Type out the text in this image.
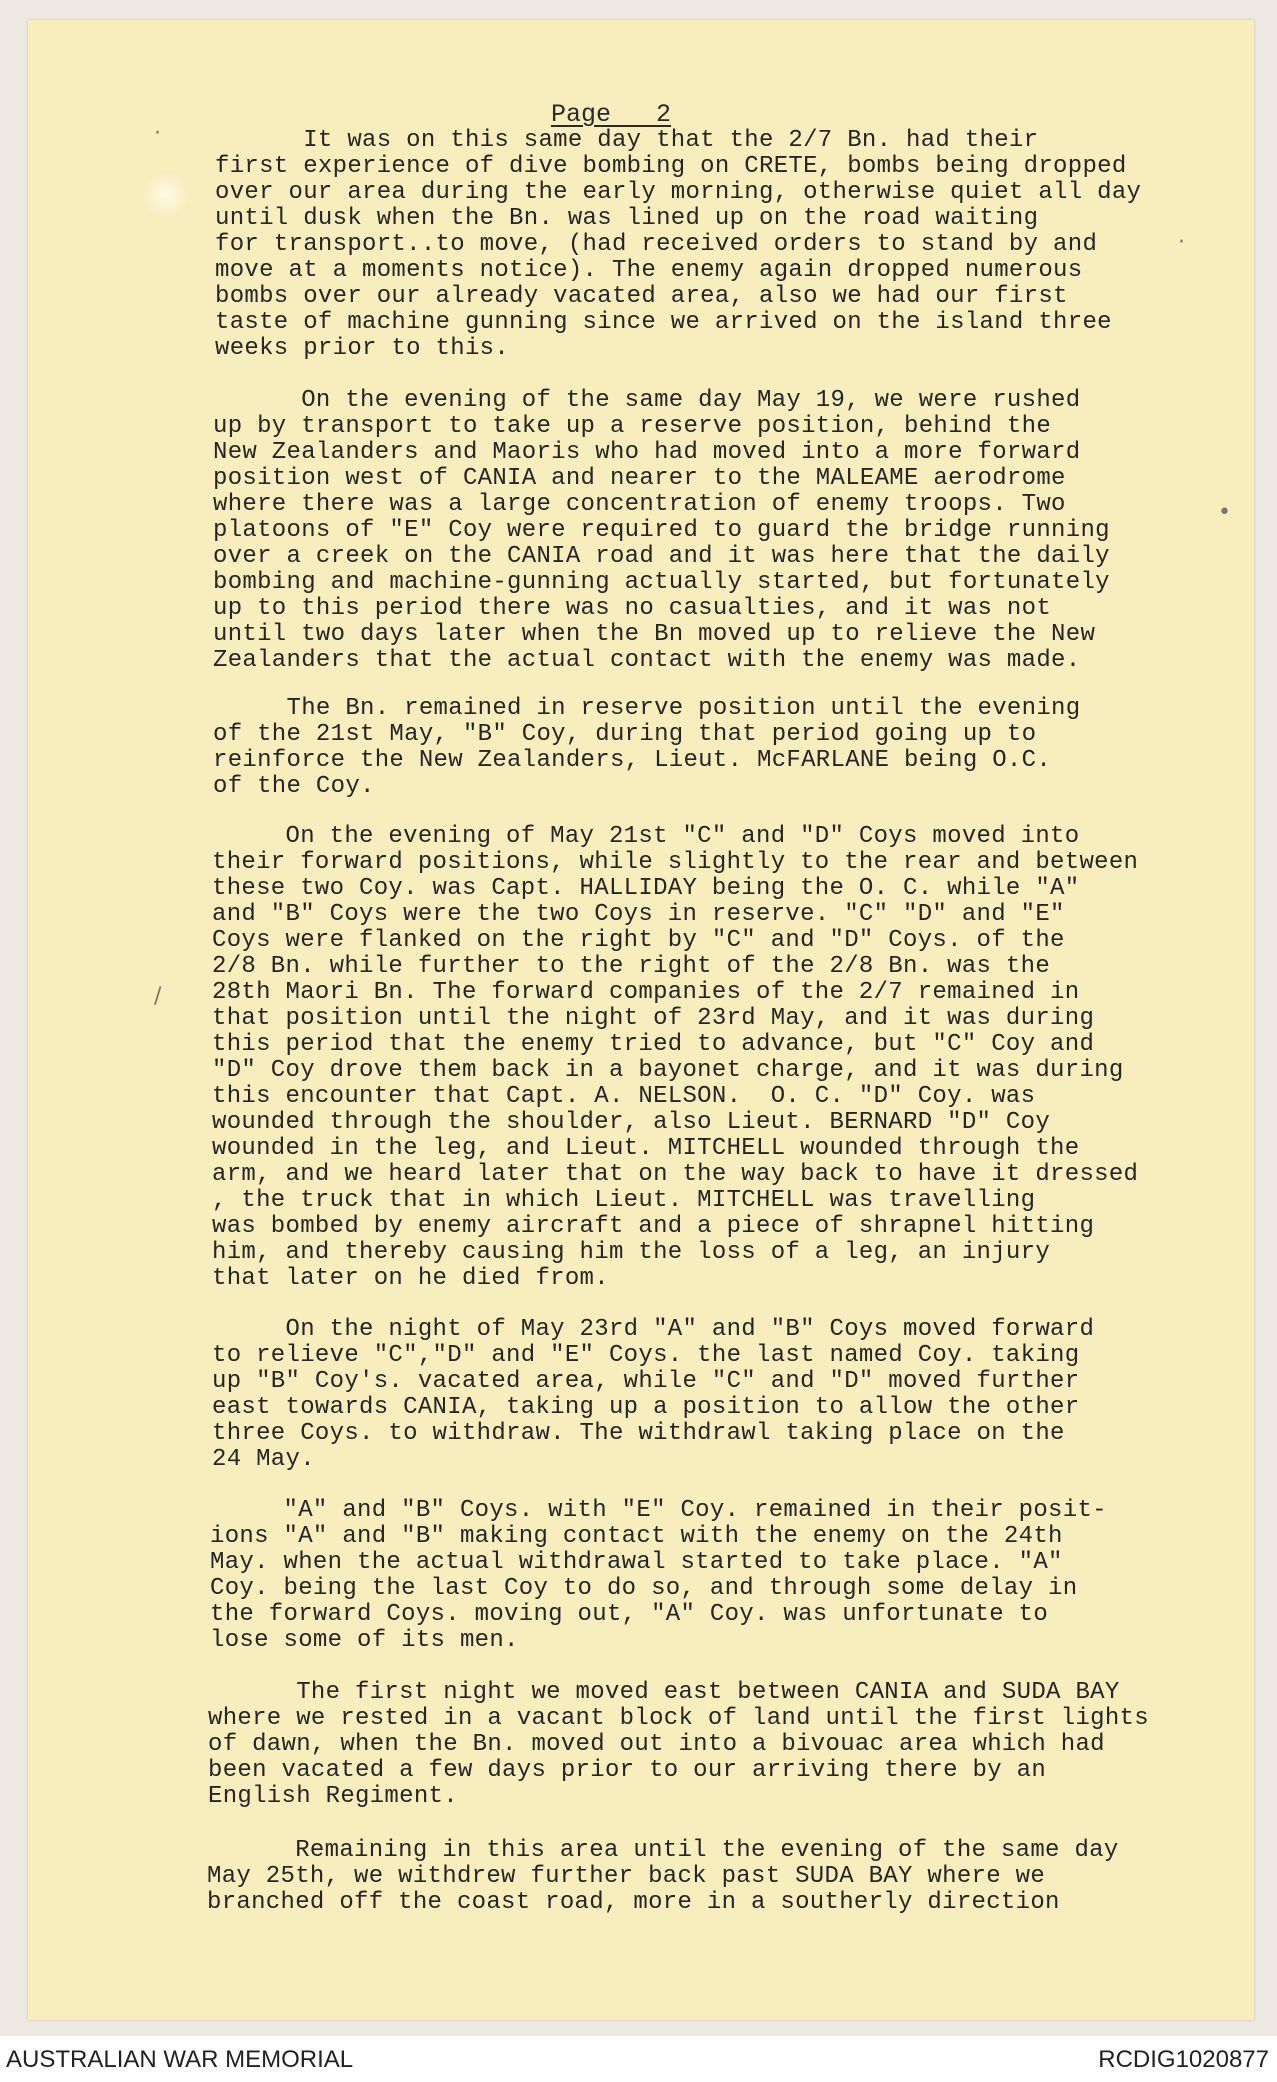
·
·
•
/
Page   2
It was on this same day that the 2/7 Bn. had their
first experience of dive bombing on CRETE, bombs being dropped
over our area during the early morning, otherwise quiet all day
until dusk when the Bn. was lined up on the road waiting
for transport..to move, (had received orders to stand by and
move at a moments notice). The enemy again dropped numerous
bombs over our already vacated area, also we had our first
taste of machine gunning since we arrived on the island three
weeks prior to this.
On the evening of the same day May 19, we were rushed
up by transport to take up a reserve position, behind the
New Zealanders and Maoris who had moved into a more forward
position west of CANIA and nearer to the MALEAME aerodrome
where there was a large concentration of enemy troops. Two
platoons of "E" Coy were required to guard the bridge running
over a creek on the CANIA road and it was here that the daily
bombing and machine-gunning actually started, but fortunately
up to this period there was no casualties, and it was not
until two days later when the Bn moved up to relieve the New
Zealanders that the actual contact with the enemy was made.
The Bn. remained in reserve position until the evening
of the 21st May, "B" Coy, during that period going up to
reinforce the New Zealanders, Lieut. McFARLANE being O.C.
of the Coy.
On the evening of May 21st "C" and "D" Coys moved into
their forward positions, while slightly to the rear and between
these two Coy. was Capt. HALLIDAY being the O. C. while "A"
and "B" Coys were the two Coys in reserve. "C" "D" and "E"
Coys were flanked on the right by "C" and "D" Coys. of the
2/8 Bn. while further to the right of the 2/8 Bn. was the
28th Maori Bn. The forward companies of the 2/7 remained in
that position until the night of 23rd May, and it was during
this period that the enemy tried to advance, but "C" Coy and
"D" Coy drove them back in a bayonet charge, and it was during
this encounter that Capt. A. NELSON.  O. C. "D" Coy. was
wounded through the shoulder, also Lieut. BERNARD "D" Coy
wounded in the leg, and Lieut. MITCHELL wounded through the
arm, and we heard later that on the way back to have it dressed
, the truck that in which Lieut. MITCHELL was travelling
was bombed by enemy aircraft and a piece of shrapnel hitting
him, and thereby causing him the loss of a leg, an injury
that later on he died from.
On the night of May 23rd "A" and "B" Coys moved forward
to relieve "C","D" and "E" Coys. the last named Coy. taking
up "B" Coy's. vacated area, while "C" and "D" moved further
east towards CANIA, taking up a position to allow the other
three Coys. to withdraw. The withdrawl taking place on the
24 May.
"A" and "B" Coys. with "E" Coy. remained in their posit-
ions "A" and "B" making contact with the enemy on the 24th
May. when the actual withdrawal started to take place. "A"
Coy. being the last Coy to do so, and through some delay in
the forward Coys. moving out, "A" Coy. was unfortunate to
lose some of its men.
The first night we moved east between CANIA and SUDA BAY
where we rested in a vacant block of land until the first lights
of dawn, when the Bn. moved out into a bivouac area which had
been vacated a few days prior to our arriving there by an
English Regiment.
Remaining in this area until the evening of the same day
May 25th, we withdrew further back past SUDA BAY where we
branched off the coast road, more in a southerly direction
AUSTRALIAN WAR MEMORIAL	RCDIG1020877
